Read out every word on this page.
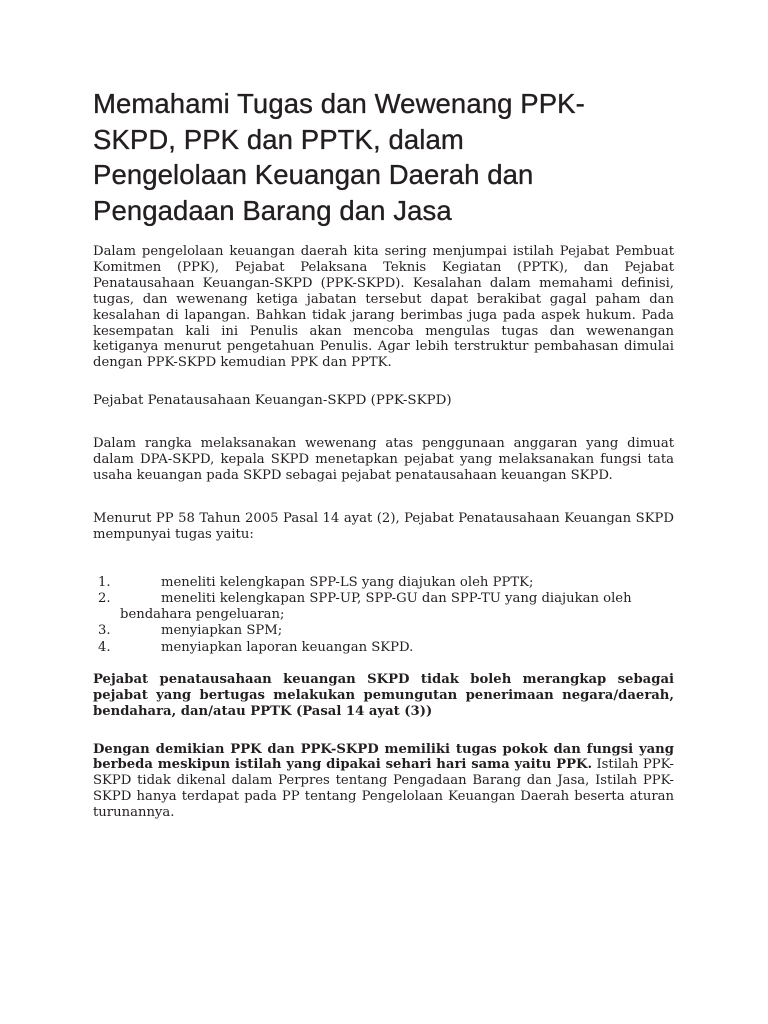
Memahami Tugas dan Wewenang PPK-
SKPD, PPK dan PPTK, dalam
Pengelolaan Keuangan Daerah dan
Pengadaan Barang dan Jasa

Dalam pengelolaan keuangan daerah kita sering menjumpai istilah Pejabat Pembuat Komitmen (PPK), Pejabat Pelaksana Teknis Kegiatan (PPTK), dan Pejabat Penatausahaan Keuangan-SKPD (PPK-SKPD). Kesalahan dalam memahami definisi, tugas, dan wewenang ketiga jabatan tersebut dapat berakibat gagal paham dan kesalahan di lapangan. Bahkan tidak jarang berimbas juga pada aspek hukum. Pada kesempatan kali ini Penulis akan mencoba mengulas tugas dan wewenangan ketiganya menurut pengetahuan Penulis. Agar lebih terstruktur pembahasan dimulai dengan PPK-SKPD kemudian PPK dan PPTK.

Pejabat Penatausahaan Keuangan-SKPD (PPK-SKPD)

Dalam rangka melaksanakan wewenang atas penggunaan anggaran yang dimuat dalam DPA-SKPD, kepala SKPD menetapkan pejabat yang melaksanakan fungsi tata usaha keuangan pada SKPD sebagai pejabat penatausahaan keuangan SKPD.

Menurut PP 58 Tahun 2005 Pasal 14 ayat (2), Pejabat Penatausahaan Keuangan SKPD mempunyai tugas yaitu:

1.	meneliti kelengkapan SPP-LS yang diajukan oleh PPTK;
2.	meneliti kelengkapan SPP-UP, SPP-GU dan SPP-TU yang diajukan oleh
bendahara pengeluaran;
3.	menyiapkan SPM;
4.	menyiapkan laporan keuangan SKPD.

Pejabat penatausahaan keuangan SKPD tidak boleh merangkap sebagai pejabat yang bertugas melakukan pemungutan penerimaan negara/daerah, bendahara, dan/atau PPTK (Pasal 14 ayat (3))

Dengan demikian PPK dan PPK-SKPD memiliki tugas pokok dan fungsi yang berbeda meskipun istilah yang dipakai sehari hari sama yaitu PPK. Istilah PPK-SKPD tidak dikenal dalam Perpres tentang Pengadaan Barang dan Jasa, Istilah PPK-SKPD hanya terdapat pada PP tentang Pengelolaan Keuangan Daerah beserta aturan turunannya.
